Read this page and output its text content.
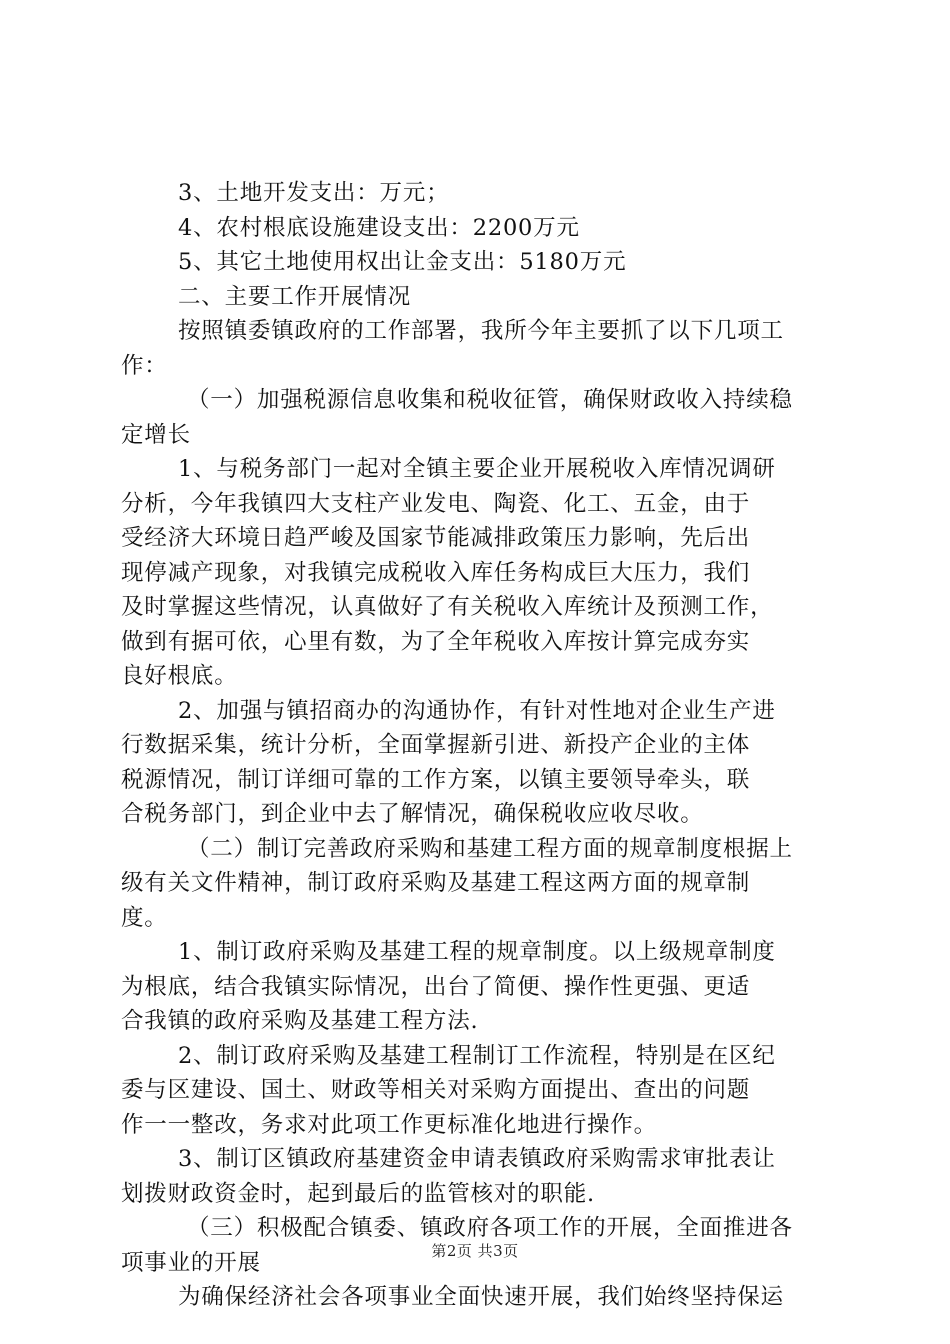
3、土地开发支出：万元；
4、农村根底设施建设支出：2200万元
5、其它土地使用权出让金支出：5180万元
二、主要工作开展情况
按照镇委镇政府的工作部署，我所今年主要抓了以下几项工
作：
（一）加强税源信息收集和税收征管，确保财政收入持续稳
定增长
1、与税务部门一起对全镇主要企业开展税收入库情况调研
分析，今年我镇四大支柱产业发电、陶瓷、化工、五金，由于
受经济大环境日趋严峻及国家节能减排政策压力影响，先后出
现停减产现象，对我镇完成税收入库任务构成巨大压力，我们
及时掌握这些情况，认真做好了有关税收入库统计及预测工作，
做到有据可依，心里有数，为了全年税收入库按计算完成夯实
良好根底。
2、加强与镇招商办的沟通协作，有针对性地对企业生产进
行数据采集，统计分析，全面掌握新引进、新投产企业的主体
税源情况，制订详细可靠的工作方案，以镇主要领导牵头，联
合税务部门，到企业中去了解情况，确保税收应收尽收。
（二）制订完善政府采购和基建工程方面的规章制度根据上
级有关文件精神，制订政府采购及基建工程这两方面的规章制
度。
1、制订政府采购及基建工程的规章制度。以上级规章制度
为根底，结合我镇实际情况，出台了简便、操作性更强、更适
合我镇的政府采购及基建工程方法.
2、制订政府采购及基建工程制订工作流程，特别是在区纪
委与区建设、国土、财政等相关对采购方面提出、查出的问题
作一一整改，务求对此项工作更标准化地进行操作。
3、制订区镇政府基建资金申请表镇政府采购需求审批表让
划拨财政资金时，起到最后的监管核对的职能.
（三）积极配合镇委、镇政府各项工作的开展，全面推进各
项事业的开展
为确保经济社会各项事业全面快速开展，我们始终坚持保运
第2页 共3页
